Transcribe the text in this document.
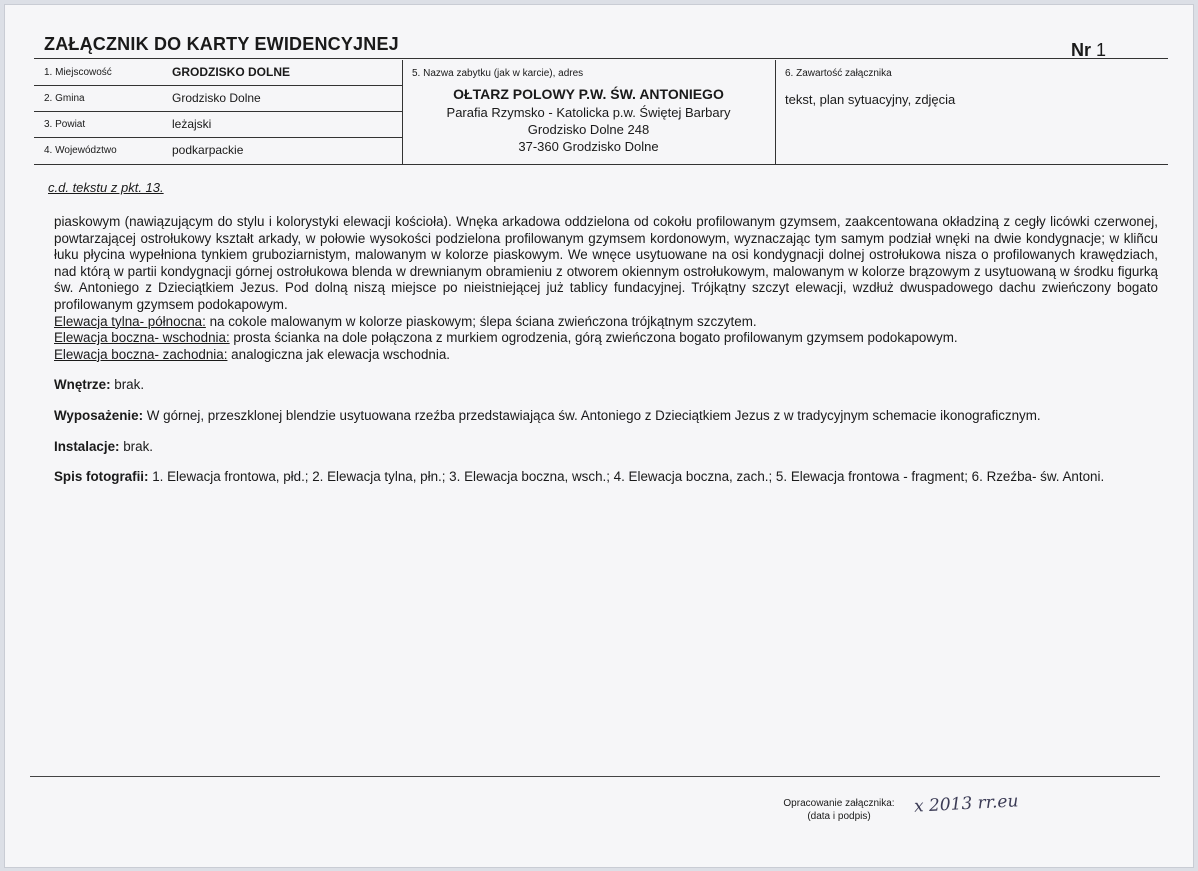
ZAŁĄCZNIK DO KARTY EWIDENCYJNEJ	Nr 1
1. Miejscowość	GRODZISKO DOLNE
2. Gmina	Grodzisko Dolne
3. Powiat	leżajski
4. Województwo	podkarpackie
5. Nazwa zabytku (jak w karcie), adres
OŁTARZ POLOWY P.W. ŚW. ANTONIEGO
Parafia Rzymsko - Katolicka p.w. Świętej Barbary
Grodzisko Dolne 248
37-360 Grodzisko Dolne
6. Zawartość załącznika
tekst, plan sytuacyjny, zdjęcia
c.d. tekstu z pkt. 13.

piaskowym (nawiązującym do stylu i kolorystyki elewacji kościoła). Wnęka arkadowa oddzielona od cokołu profilowanym gzymsem, zaakcentowana okładziną z cegły licówki czerwonej, powtarzającej ostrołukowy kształt arkady, w połowie wysokości podzielona profilowanym gzymsem kordonowym, wyznaczając tym samym podział wnęki na dwie kondygnacje; w kliñcu łuku płycina wypełniona tynkiem gruboziarnistym, malowanym w kolorze piaskowym. We wnęce usytuowane na osi kondygnacji dolnej ostrołukowa nisza o profilowanych krawędziach, nad którą w partii kondygnacji górnej ostrołukowa blenda w drewnianym obramieniu z otworem okiennym ostrołukowym, malowanym w kolorze brązowym z usytuowaną w środku figurką św. Antoniego z Dzieciątkiem Jezus. Pod dolną niszą miejsce po nieistniejącej już tablicy fundacyjnej. Trójkątny szczyt elewacji, wzdłuż dwuspadowego dachu zwieńczony bogato profilowanym gzymsem podokapowym.

Elewacja tylna- północna: na cokole malowanym w kolorze piaskowym; ślepa ściana zwieńczona trójkątnym szczytem.

Elewacja boczna- wschodnia: prosta ścianka na dole połączona z murkiem ogrodzenia, górą zwieńczona bogato profilowanym gzymsem podokapowym.

Elewacja boczna- zachodnia: analogiczna jak elewacja wschodnia.

Wnętrze: brak.

Wyposażenie: W górnej, przeszklonej blendzie usytuowana rzeźba przedstawiająca św. Antoniego z Dzieciątkiem Jezus z w tradycyjnym schemacie ikonograficznym.

Instalacje: brak.

Spis fotografii: 1. Elewacja frontowa, płd.; 2. Elewacja tylna, płn.; 3. Elewacja boczna, wsch.; 4. Elewacja boczna, zach.; 5. Elewacja frontowa - fragment; 6. Rzeźba- św. Antoni.

Opracowanie załącznika:
(data i podpis)	x 2013 rr.eu
